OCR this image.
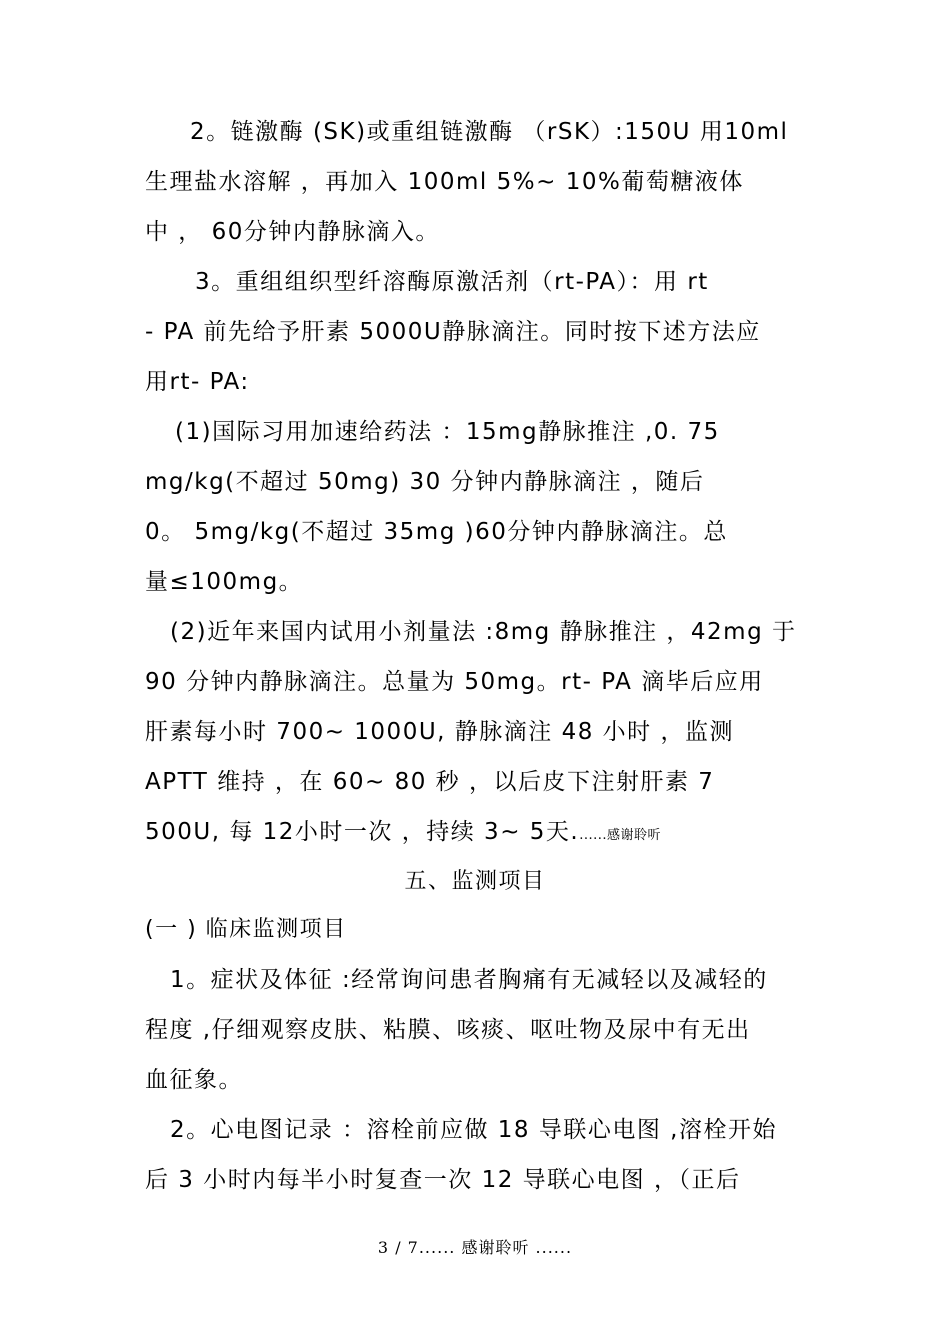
2。链激酶 (SK)或重组链激酶 （rSK）:150U 用10ml

生理盐水溶解 ，再加入 100ml 5%~ 10%葡萄糖液体

中 ， 60分钟内静脉滴入。

3。重组组织型纤溶酶原激活剂（rt-PA）：用 rt

- PA 前先给予肝素 5000U静脉滴注。同时按下述方法应

用rt- PA:

(1)国际习用加速给药法 ：15mg静脉推注 ,0. 75

mg/kg(不超过 50mg) 30 分钟内静脉滴注 ，随后

0。 5mg/kg(不超过 35mg )60分钟内静脉滴注。总

量≤100mg。

(2)近年来国内试用小剂量法 :8mg 静脉推注 ，42mg 于

90 分钟内静脉滴注。总量为 50mg。rt- PA 滴毕后应用

肝素每小时 700~ 1000U, 静脉滴注 48 小时 ，监测

APTT 维持 ，在 60~ 80 秒 ，以后皮下注射肝素 7

500U, 每 12小时一次 ，持续 3~ 5天.......感谢聆听

五、监测项目

(一 ) 临床监测项目

1。症状及体征 :经常询问患者胸痛有无减轻以及减轻的

程度 ,仔细观察皮肤、粘膜、咳痰、呕吐物及尿中有无出

血征象。

2。心电图记录 ：溶栓前应做 18 导联心电图 ,溶栓开始

后 3 小时内每半小时复查一次 12 导联心电图 ，（正后

3 / 7...... 感谢聆听 ......
